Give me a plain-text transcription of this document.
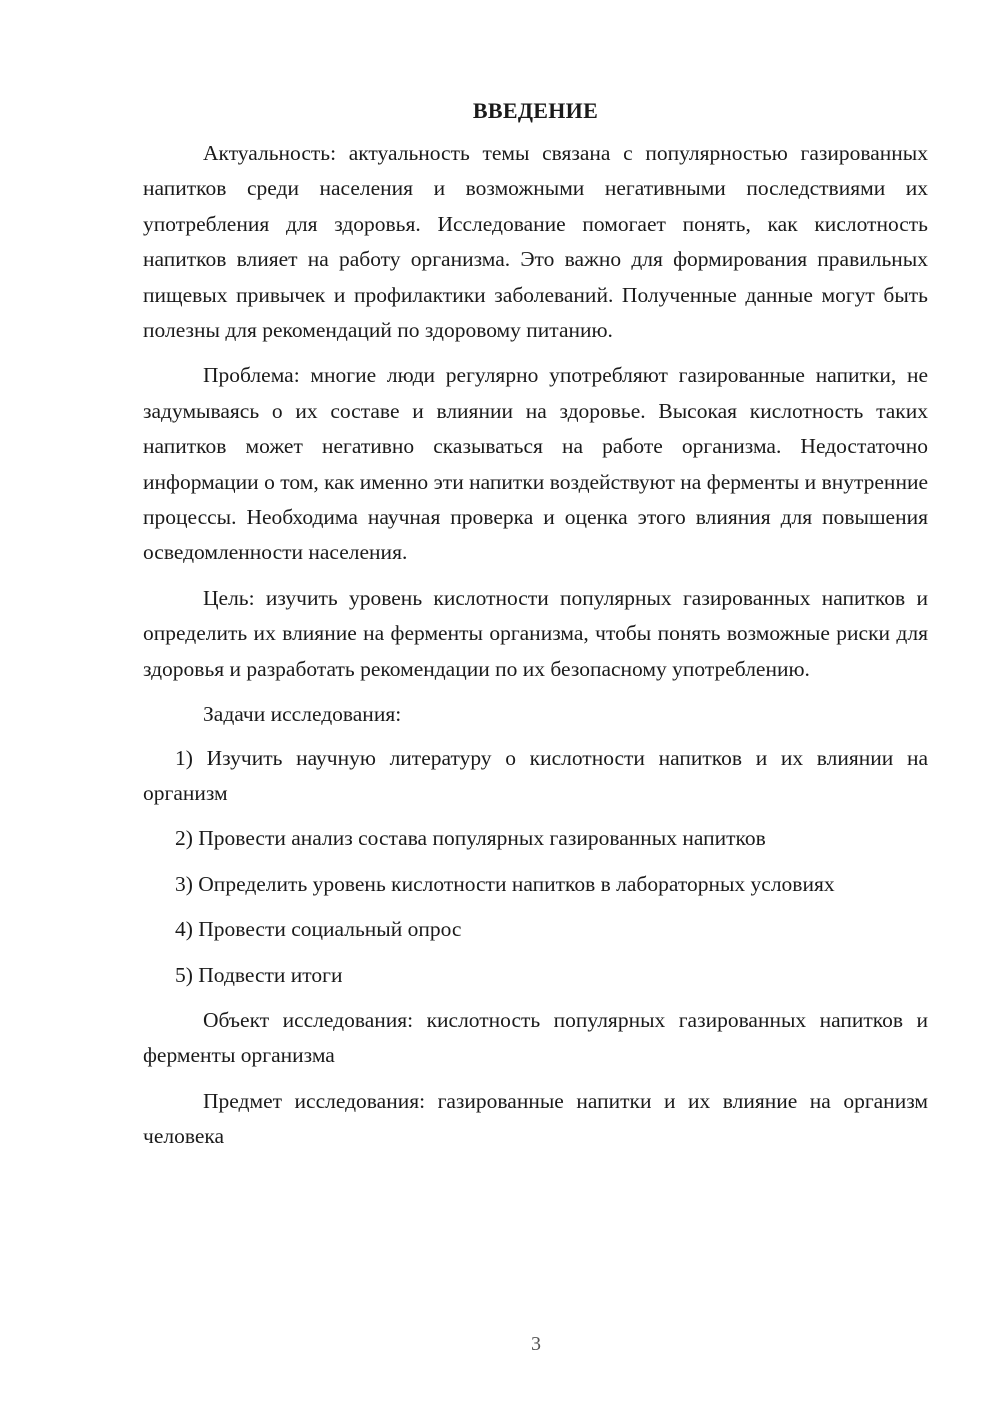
ВВЕДЕНИЕ

Актуальность: актуальность темы связана с популярностью газированных напитков среди населения и возможными негативными последствиями их употребления для здоровья. Исследование помогает понять, как кислотность напитков влияет на работу организма. Это важно для формирования правильных пищевых привычек и профилактики заболеваний. Полученные данные могут быть полезны для рекомендаций по здоровому питанию.

Проблема: многие люди регулярно употребляют газированные напитки, не задумываясь о их составе и влиянии на здоровье. Высокая кислотность таких напитков может негативно сказываться на работе организма. Недостаточно информации о том, как именно эти напитки воздействуют на ферменты и внутренние процессы. Необходима научная проверка и оценка этого влияния для повышения осведомленности населения.

Цель: изучить уровень кислотности популярных газированных напитков и определить их влияние на ферменты организма, чтобы понять возможные риски для здоровья и разработать рекомендации по их безопасному употреблению.

Задачи исследования:

1) Изучить научную литературу о кислотности напитков и их влиянии на организм

2) Провести анализ состава популярных газированных напитков

3) Определить уровень кислотности напитков в лабораторных условиях

4) Провести социальный опрос

5) Подвести итоги

Объект исследования: кислотность популярных газированных напитков и ферменты организма

Предмет исследования: газированные напитки и их влияние на организм человека

3
